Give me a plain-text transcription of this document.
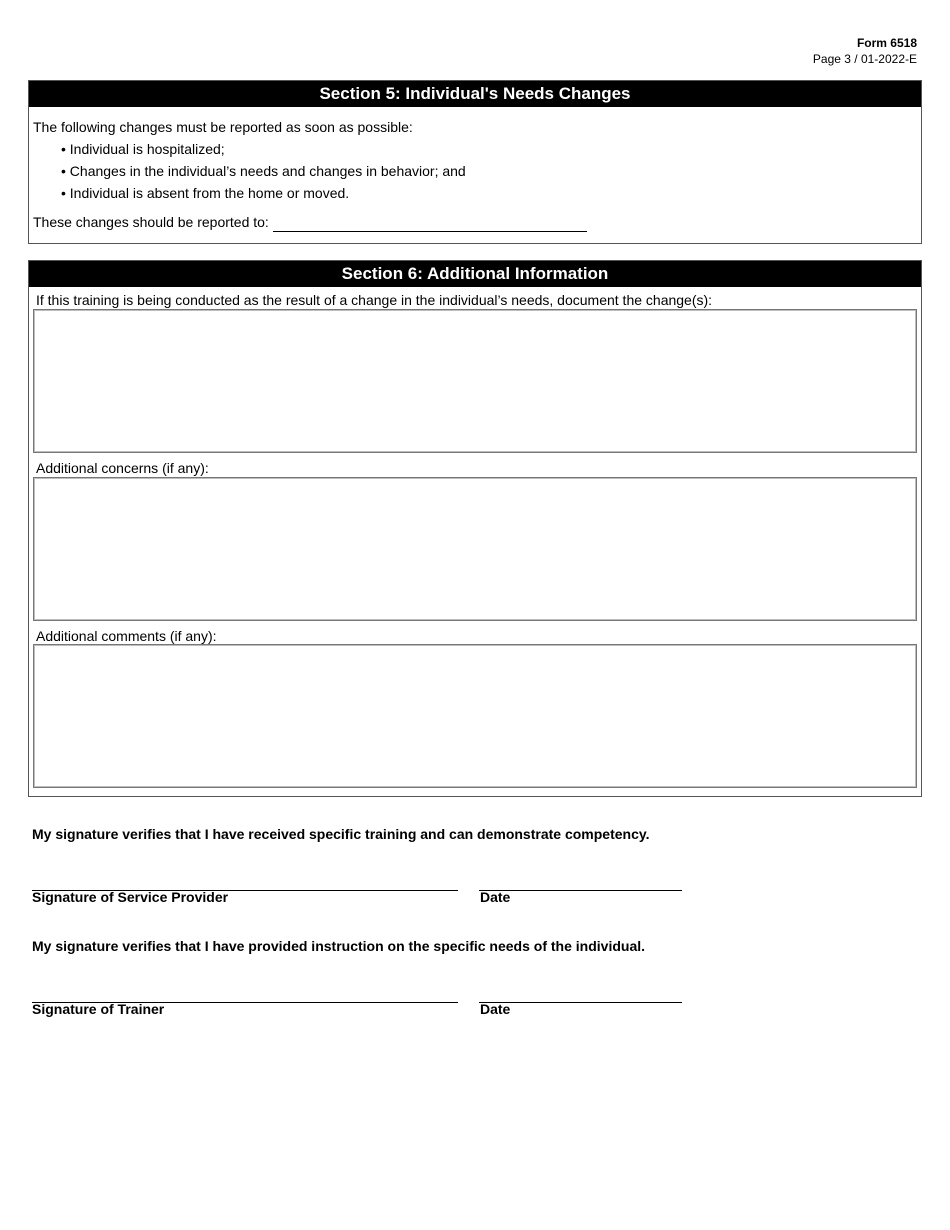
Form 6518
Page 3 / 01-2022-E
Section 5: Individual's Needs Changes
The following changes must be reported as soon as possible:
• Individual is hospitalized;
• Changes in the individual’s needs and changes in behavior; and
• Individual is absent from the home or moved.
These changes should be reported to:
Section 6: Additional Information
If this training is being conducted as the result of a change in the individual’s needs, document the change(s):
Additional concerns (if any):
Additional comments (if any):
My signature verifies that I have received specific training and can demonstrate competency.
Signature of Service Provider	Date
My signature verifies that I have provided instruction on the specific needs of the individual.
Signature of Trainer	Date
